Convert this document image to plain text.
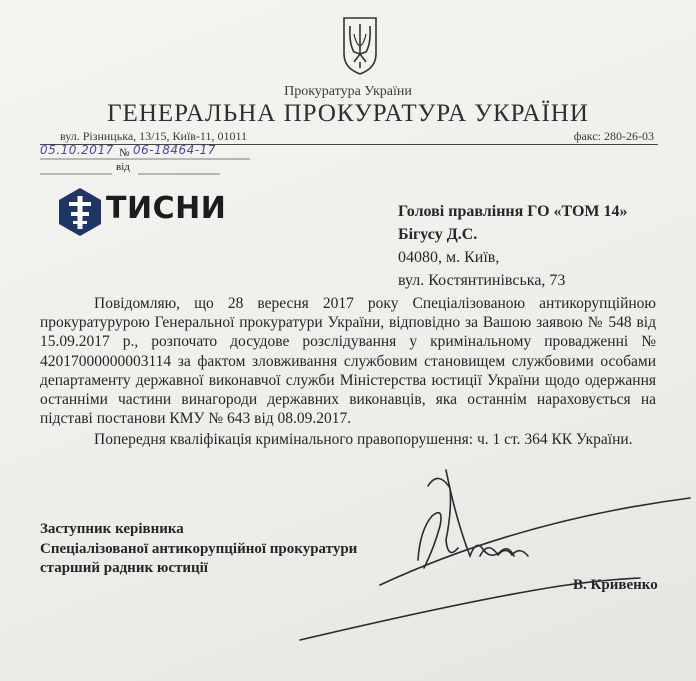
Прокуратура України
ГЕНЕРАЛЬНА ПРОКУРАТУРА УКРАЇНИ
вул. Різницька, 13/15, Київ-11, 01011	факс: 280-26-03
05.10.2017 № 06-18464-17
від
ТИСНИ	Голові правління ГО «ТОМ 14»
Бігусу Д.С.
04080, м. Київ,
вул. Костянтинівська, 73

Повідомляю, що 28 вересня 2017 року Спеціалізованою антикорупційною прокуратурурою Генеральної прокуратури України, відповідно за Вашою заявою № 548 від 15.09.2017 р., розпочато досудове розслідування у кримінальному провадженні № 42017000000003114 за фактом зловживання службовим становищем службовими особами департаменту державної виконавчої служби Міністерства юстиції України щодо одержання останніми частини винагороди державних виконавців, яка останнім нараховується на підставі постанови КМУ № 643 від 08.09.2017.

Попередня кваліфікація кримінального правопорушення: ч. 1 ст. 364 КК України.

Заступник керівника
Спеціалізованої антикорупційної прокуратури
старший радник юстиції
В. Кривенко
